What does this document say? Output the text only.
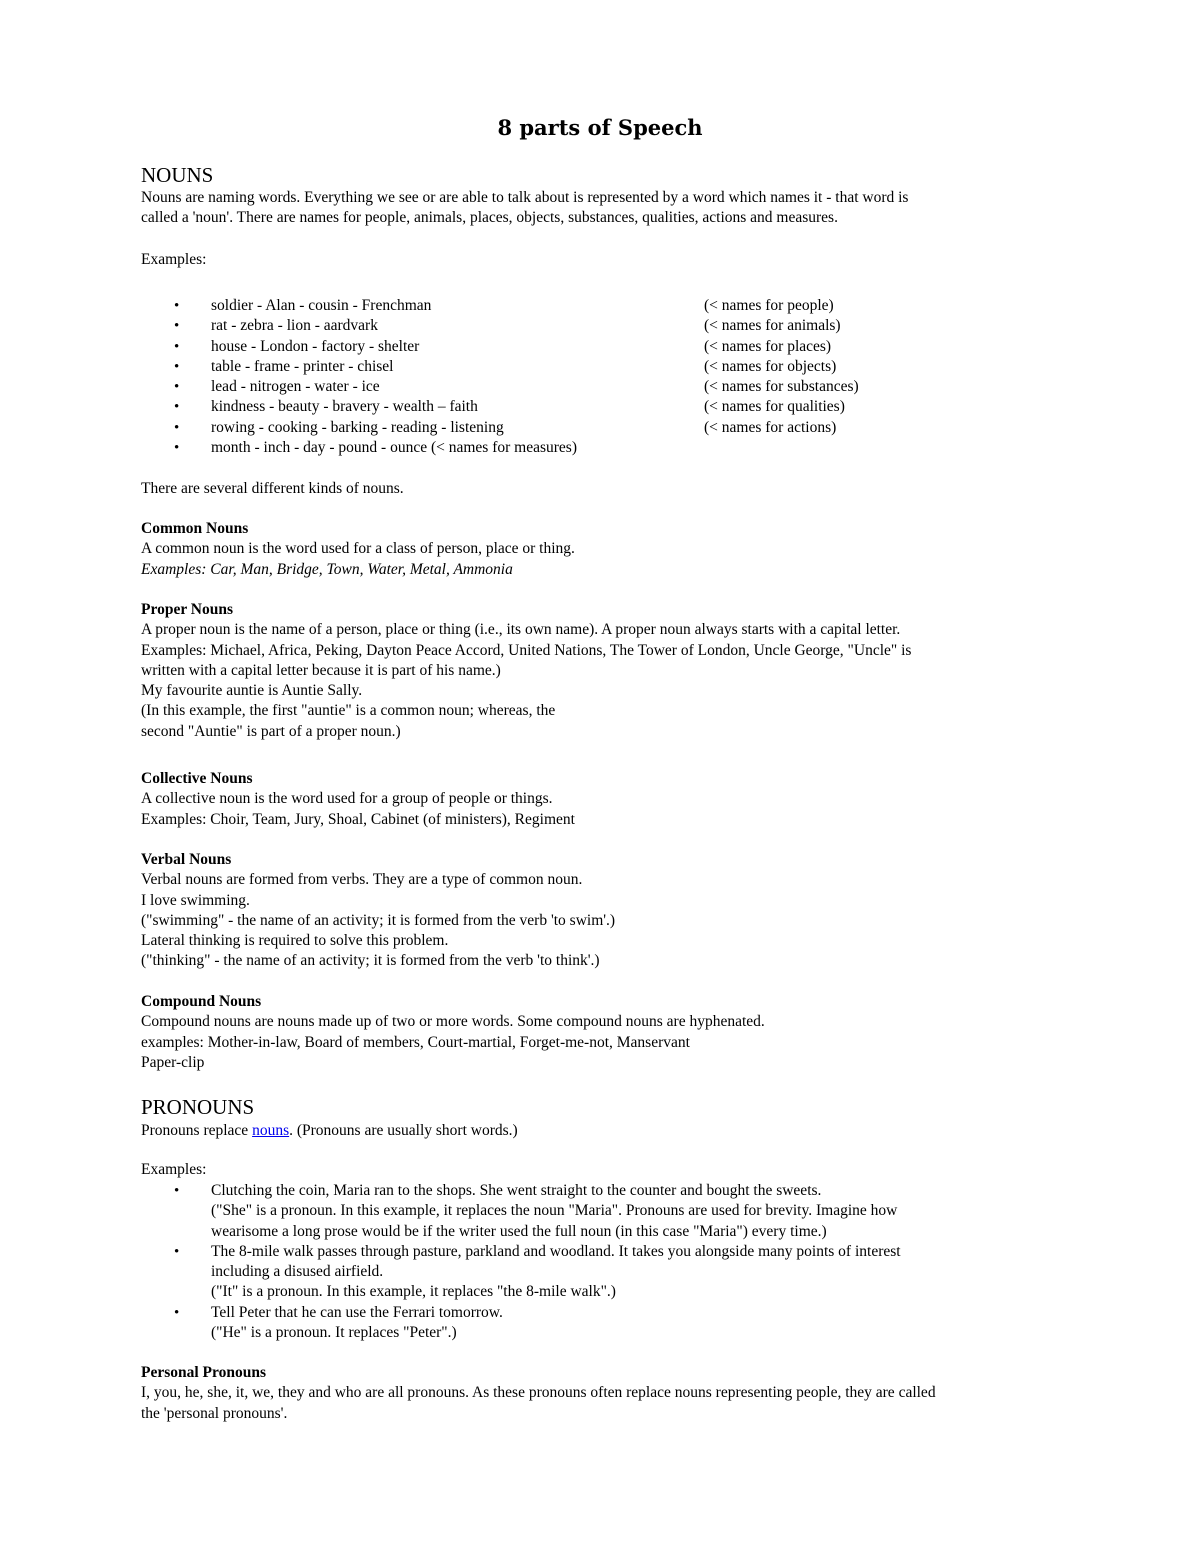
8 parts of Speech
NOUNS
Nouns are naming words. Everything we see or are able to talk about is represented by a word which names it - that word is
called a 'noun'. There are names for people, animals, places, objects, substances, qualities, actions and measures.
Examples:
• soldier - Alan - cousin - Frenchman	(< names for people)
• rat - zebra - lion - aardvark	(< names for animals)
• house - London - factory - shelter	(< names for places)
• table - frame - printer - chisel	(< names for objects)
• lead - nitrogen - water - ice	(< names for substances)
• kindness - beauty - bravery - wealth – faith	(< names for qualities)
• rowing - cooking - barking - reading - listening	(< names for actions)
• month - inch - day - pound - ounce (< names for measures)
There are several different kinds of nouns.
Common Nouns
A common noun is the word used for a class of person, place or thing.
Examples: Car, Man, Bridge, Town, Water, Metal, Ammonia
Proper Nouns
A proper noun is the name of a person, place or thing (i.e., its own name). A proper noun always starts with a capital letter.
Examples: Michael, Africa, Peking, Dayton Peace Accord, United Nations, The Tower of London, Uncle George, "Uncle" is
written with a capital letter because it is part of his name.)
My favourite auntie is Auntie Sally.
(In this example, the first "auntie" is a common noun; whereas, the
second "Auntie" is part of a proper noun.)
Collective Nouns
A collective noun is the word used for a group of people or things.
Examples: Choir, Team, Jury, Shoal, Cabinet (of ministers), Regiment
Verbal Nouns
Verbal nouns are formed from verbs. They are a type of common noun.
I love swimming.
("swimming" - the name of an activity; it is formed from the verb 'to swim'.)
Lateral thinking is required to solve this problem.
("thinking" - the name of an activity; it is formed from the verb 'to think'.)
Compound Nouns
Compound nouns are nouns made up of two or more words. Some compound nouns are hyphenated.
examples: Mother-in-law, Board of members, Court-martial, Forget-me-not, Manservant
Paper-clip
PRONOUNS
Pronouns replace nouns. (Pronouns are usually short words.)
Examples:
• Clutching the coin, Maria ran to the shops. She went straight to the counter and bought the sweets.
("She" is a pronoun. In this example, it replaces the noun "Maria". Pronouns are used for brevity. Imagine how
wearisome a long prose would be if the writer used the full noun (in this case "Maria") every time.)
• The 8-mile walk passes through pasture, parkland and woodland. It takes you alongside many points of interest
including a disused airfield.
("It" is a pronoun. In this example, it replaces "the 8-mile walk".)
• Tell Peter that he can use the Ferrari tomorrow.
("He" is a pronoun. It replaces "Peter".)
Personal Pronouns
I, you, he, she, it, we, they and who are all pronouns. As these pronouns often replace nouns representing people, they are called
the 'personal pronouns'.
